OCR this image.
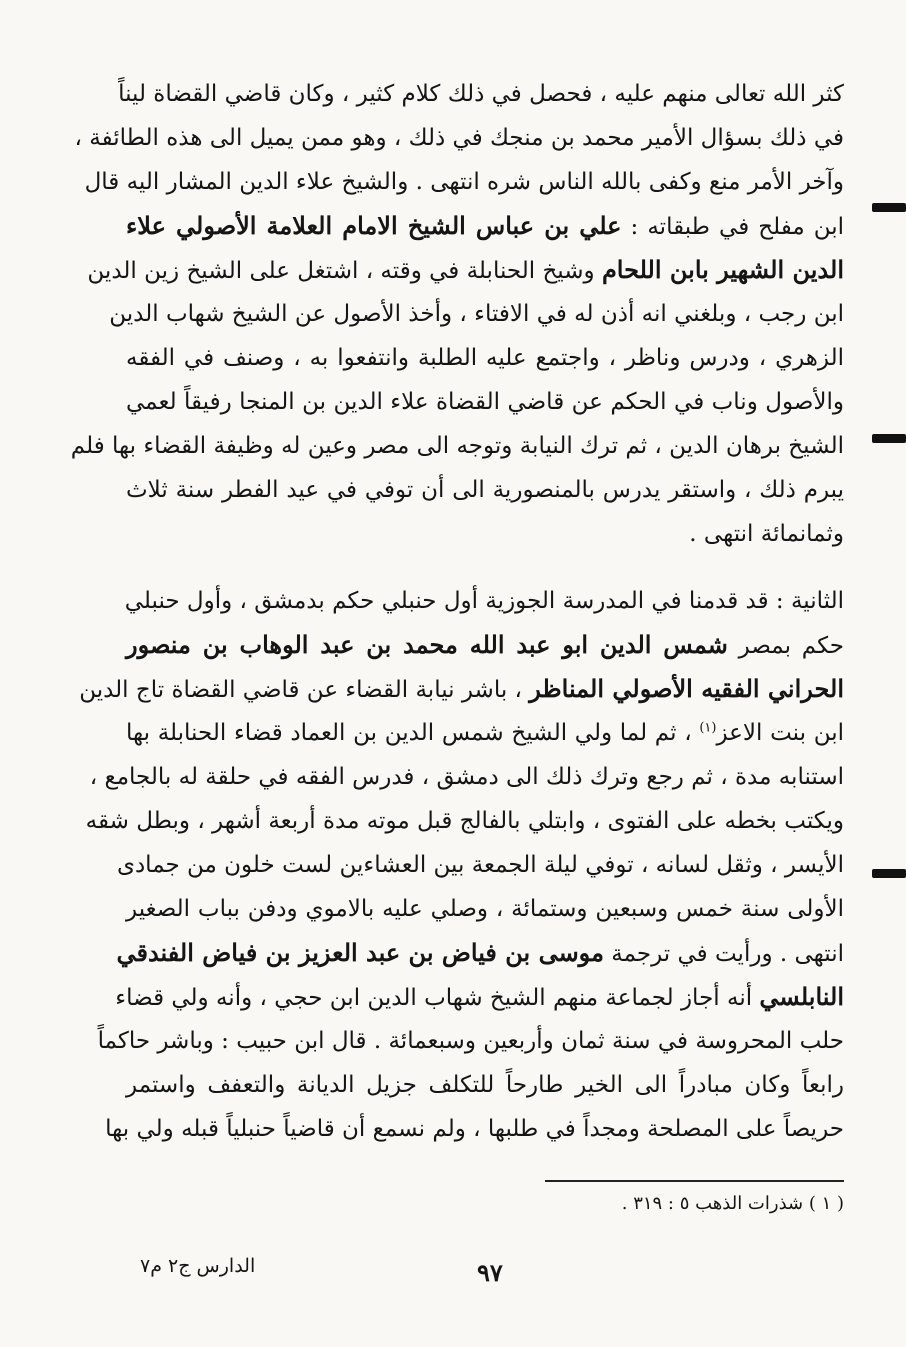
كثر الله تعالى منهم عليه ، فحصل في ذلك كلام كثير ، وكان قاضي القضاة ليناً
في ذلك بسؤال الأمير محمد بن منجك في ذلك ، وهو ممن يميل الى هذه الطائفة ،
وآخر الأمر منع وكفى بالله الناس شره انتهى . والشيخ علاء الدين المشار اليه قال
ابن مفلح في طبقاته : علي بن عباس الشيخ الامام العلامة الأصولي علاء
الدين الشهير بابن اللحام وشيخ الحنابلة في وقته ، اشتغل على الشيخ زين الدين
ابن رجب ، وبلغني انه أذن له في الافتاء ، وأخذ الأصول عن الشيخ شهاب الدين
الزهري ، ودرس وناظر ، واجتمع عليه الطلبة وانتفعوا به ، وصنف في الفقه
والأصول وناب في الحكم عن قاضي القضاة علاء الدين بن المنجا رفيقاً لعمي
الشيخ برهان الدين ، ثم ترك النيابة وتوجه الى مصر وعين له وظيفة القضاء بها فلم
يبرم ذلك ، واستقر يدرس بالمنصورية الى أن توفي في عيد الفطر سنة ثلاث
وثمانمائة انتهى .
الثانية : قد قدمنا في المدرسة الجوزية أول حنبلي حكم بدمشق ، وأول حنبلي
حكم بمصر شمس الدين ابو عبد الله محمد بن عبد الوهاب بن منصور
الحراني الفقيه الأصولي المناظر ، باشر نيابة القضاء عن قاضي القضاة تاج الدين
ابن بنت الاعز$^{(١)}$ ، ثم لما ولي الشيخ شمس الدين بن العماد قضاء الحنابلة بها
استنابه مدة ، ثم رجع وترك ذلك الى دمشق ، فدرس الفقه في حلقة له بالجامع ،
ويكتب بخطه على الفتوى ، وابتلي بالفالج قبل موته مدة أربعة أشهر ، وبطل شقه
الأيسر ، وثقل لسانه ، توفي ليلة الجمعة بين العشاءين لست خلون من جمادى
الأولى سنة خمس وسبعين وستمائة ، وصلي عليه بالاموي ودفن بباب الصغير
انتهى . ورأيت في ترجمة موسى بن فياض بن عبد العزيز بن فياض الفندقي
النابلسي أنه أجاز لجماعة منهم الشيخ شهاب الدين ابن حجي ، وأنه ولي قضاء
حلب المحروسة في سنة ثمان وأربعين وسبعمائة . قال ابن حبيب : وباشر حاكماً
رابعاً وكان مبادراً الى الخير طارحاً للتكلف جزيل الديانة والتعفف واستمر
حريصاً على المصلحة ومجداً في طلبها ، ولم نسمع أن قاضياً حنبلياً قبله ولي بها
( ١ ) شذرات الذهب ٥ : ٣١٩ .
الدارس ج٢ م٧	٩٧
